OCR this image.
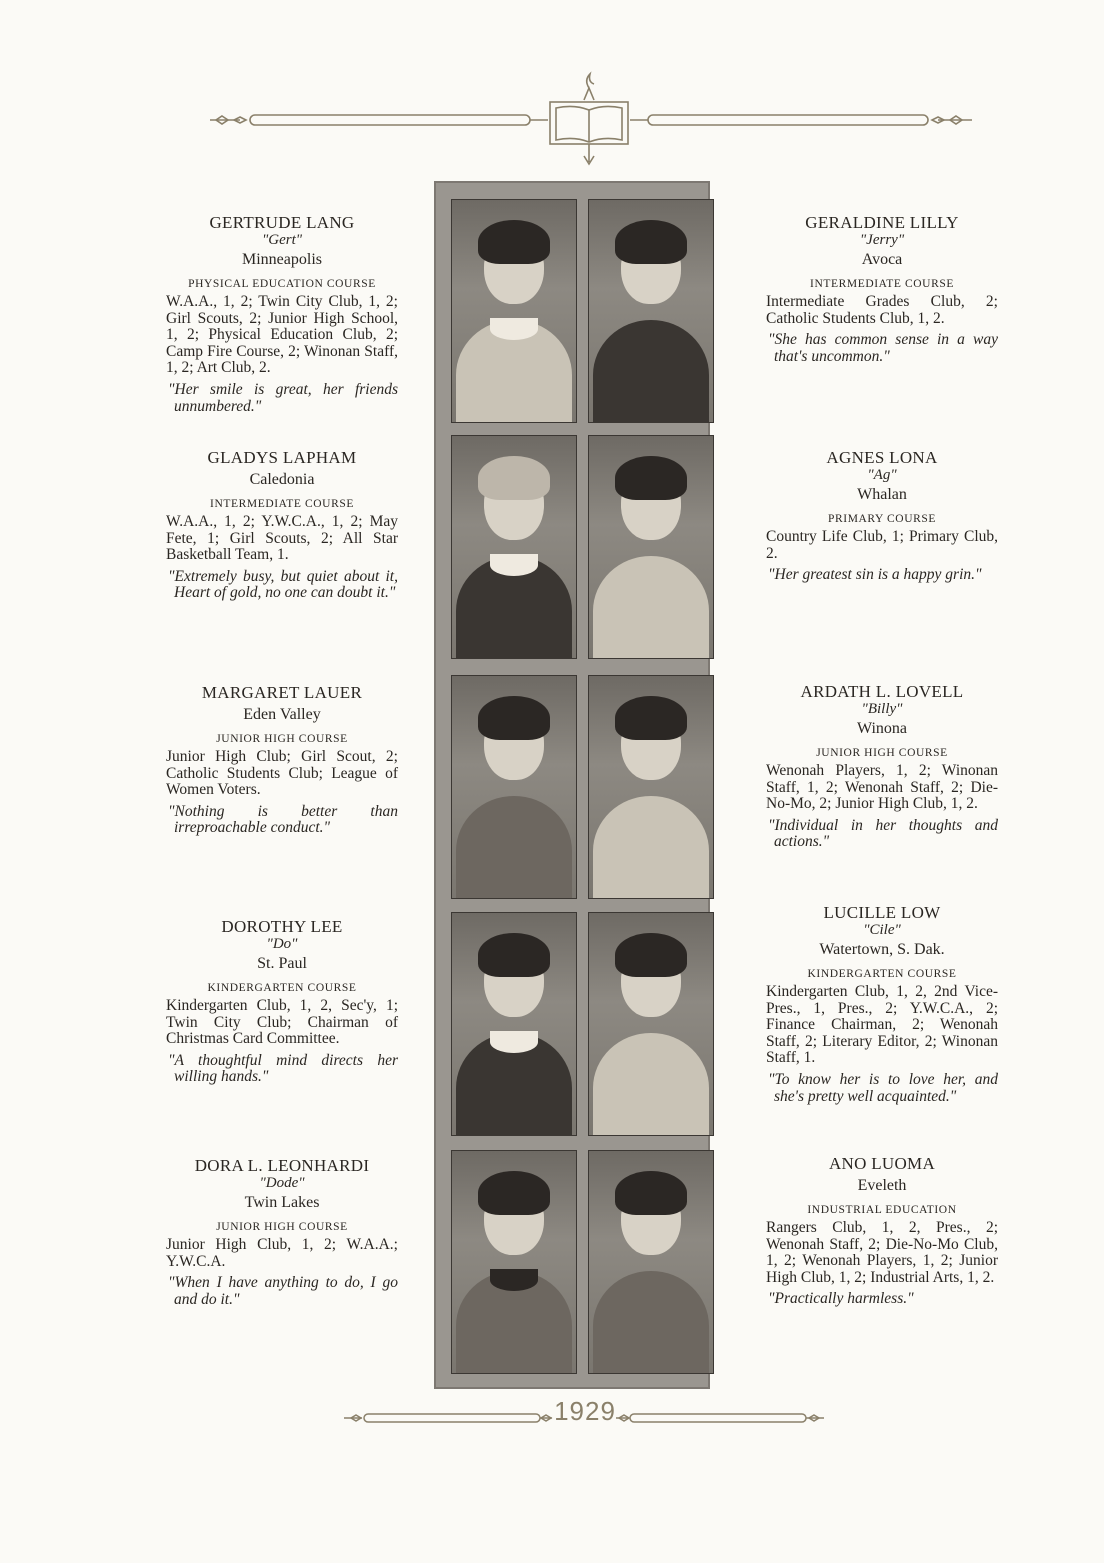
GERTRUDE LANG
"Gert"
Minneapolis
PHYSICAL EDUCATION COURSE
W.A.A., 1, 2; Twin City Club, 1, 2; Girl Scouts, 2; Junior High School, 1, 2; Physical Education Club, 2; Camp Fire Course, 2; Winonan Staff, 1, 2; Art Club, 2.
"Her smile is great, her friends unnumbered."
GLADYS LAPHAM
Caledonia
INTERMEDIATE COURSE
W.A.A., 1, 2; Y.W.C.A., 1, 2; May Fete, 1; Girl Scouts, 2; All Star Basketball Team, 1.
"Extremely busy, but quiet about it, Heart of gold, no one can doubt it."
MARGARET LAUER
Eden Valley
JUNIOR HIGH COURSE
Junior High Club; Girl Scout, 2; Catholic Students Club; League of Women Voters.
"Nothing is better than irreproachable conduct."
DOROTHY LEE
"Do"
St. Paul
KINDERGARTEN COURSE
Kindergarten Club, 1, 2, Sec'y, 1; Twin City Club; Chairman of Christmas Card Committee.
"A thoughtful mind directs her willing hands."
DORA L. LEONHARDI
"Dode"
Twin Lakes
JUNIOR HIGH COURSE
Junior High Club, 1, 2; W.A.A.; Y.W.C.A.
"When I have anything to do, I go and do it."
GERALDINE LILLY
"Jerry"
Avoca
INTERMEDIATE COURSE
Intermediate Grades Club, 2; Catholic Students Club, 1, 2.
"She has common sense in a way that's uncommon."
AGNES LONA
"Ag"
Whalan
PRIMARY COURSE
Country Life Club, 1; Primary Club, 2.
"Her greatest sin is a happy grin."
ARDATH L. LOVELL
"Billy"
Winona
JUNIOR HIGH COURSE
Wenonah Players, 1, 2; Winonan Staff, 1, 2; Wenonah Staff, 2; Die-No-Mo, 2; Junior High Club, 1, 2.
"Individual in her thoughts and actions."
LUCILLE LOW
"Cile"
Watertown, S. Dak.
KINDERGARTEN COURSE
Kindergarten Club, 1, 2, 2nd Vice-Pres., 1, Pres., 2; Y.W.C.A., 2; Finance Chairman, 2; Wenonah Staff, 2; Literary Editor, 2; Winonan Staff, 1.
"To know her is to love her, and she's pretty well acquainted."
ANO LUOMA
Eveleth
INDUSTRIAL EDUCATION
Rangers Club, 1, 2, Pres., 2; Wenonah Staff, 2; Die-No-Mo Club, 1, 2; Wenonah Players, 1, 2; Junior High Club, 1, 2; Industrial Arts, 1, 2.
"Practically harmless."
1929
